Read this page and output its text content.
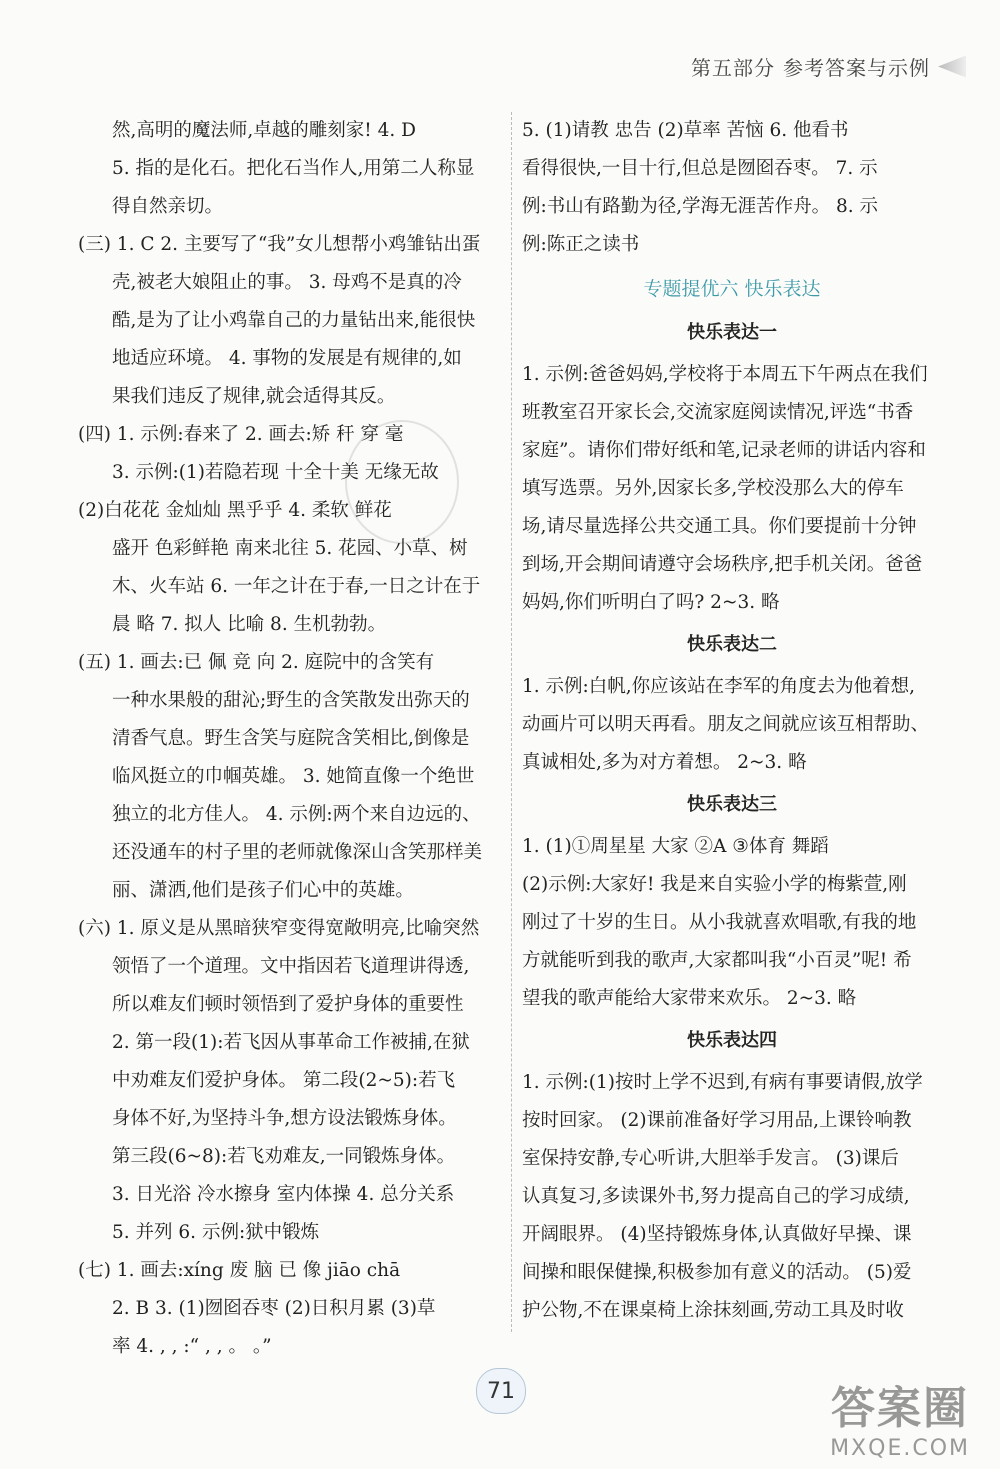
第五部分 参考答案与示例
然,高明的魔法师,卓越的雕刻家! 4. D
5. 指的是化石。把化石当作人,用第二人称显
得自然亲切。
(三) 1. C 2. 主要写了“我”女儿想帮小鸡雏钻出蛋
壳,被老大娘阻止的事。 3. 母鸡不是真的冷
酷,是为了让小鸡靠自己的力量钻出来,能很快
地适应环境。 4. 事物的发展是有规律的,如
果我们违反了规律,就会适得其反。
(四) 1. 示例:春来了 2. 画去:矫 秆 穿 毫
3. 示例:(1)若隐若现 十全十美 无缘无故
(2)白花花 金灿灿 黑乎乎 4. 柔软 鲜花
盛开 色彩鲜艳 南来北往 5. 花园、小草、树
木、火车站 6. 一年之计在于春,一日之计在于
晨 略 7. 拟人 比喻 8. 生机勃勃。
(五) 1. 画去:已 佩 竞 向 2. 庭院中的含笑有
一种水果般的甜沁;野生的含笑散发出弥天的
清香气息。野生含笑与庭院含笑相比,倒像是
临风挺立的巾帼英雄。 3. 她简直像一个绝世
独立的北方佳人。 4. 示例:两个来自边远的、
还没通车的村子里的老师就像深山含笑那样美
丽、潇洒,他们是孩子们心中的英雄。
(六) 1. 原义是从黑暗狭窄变得宽敞明亮,比喻突然
领悟了一个道理。文中指因若飞道理讲得透,
所以难友们顿时领悟到了爱护身体的重要性
2. 第一段(1):若飞因从事革命工作被捕,在狱
中劝难友们爱护身体。 第二段(2~5):若飞
身体不好,为坚持斗争,想方设法锻炼身体。
第三段(6~8):若飞劝难友,一同锻炼身体。
3. 日光浴 冷水擦身 室内体操 4. 总分关系
5. 并列 6. 示例:狱中锻炼
(七) 1. 画去:xíng 废 脑 已 像 jiāo chā
2. B 3. (1)囫囵吞枣 (2)日积月累 (3)草
率 4. , , :“ , , 。 。”
5. (1)请教 忠告 (2)草率 苦恼 6. 他看书
看得很快,一目十行,但总是囫囵吞枣。 7. 示
例:书山有路勤为径,学海无涯苦作舟。 8. 示
例:陈正之读书
专题提优六 快乐表达
快乐表达一
1. 示例:爸爸妈妈,学校将于本周五下午两点在我们
班教室召开家长会,交流家庭阅读情况,评选“书香
家庭”。请你们带好纸和笔,记录老师的讲话内容和
填写选票。另外,因家长多,学校没那么大的停车
场,请尽量选择公共交通工具。你们要提前十分钟
到场,开会期间请遵守会场秩序,把手机关闭。爸爸
妈妈,你们听明白了吗? 2~3. 略
快乐表达二
1. 示例:白帆,你应该站在李军的角度去为他着想,
动画片可以明天再看。朋友之间就应该互相帮助、
真诚相处,多为对方着想。 2~3. 略
快乐表达三
1. (1)①周星星 大家 ②A ③体育 舞蹈
(2)示例:大家好! 我是来自实验小学的梅紫萱,刚
刚过了十岁的生日。从小我就喜欢唱歌,有我的地
方就能听到我的歌声,大家都叫我“小百灵”呢! 希
望我的歌声能给大家带来欢乐。 2~3. 略
快乐表达四
1. 示例:(1)按时上学不迟到,有病有事要请假,放学
按时回家。 (2)课前准备好学习用品,上课铃响教
室保持安静,专心听讲,大胆举手发言。 (3)课后
认真复习,多读课外书,努力提高自己的学习成绩,
开阔眼界。 (4)坚持锻炼身体,认真做好早操、课
间操和眼保健操,积极参加有意义的活动。 (5)爱
护公物,不在课桌椅上涂抹刻画,劳动工具及时收
71	答案圈
MXQE.COM
